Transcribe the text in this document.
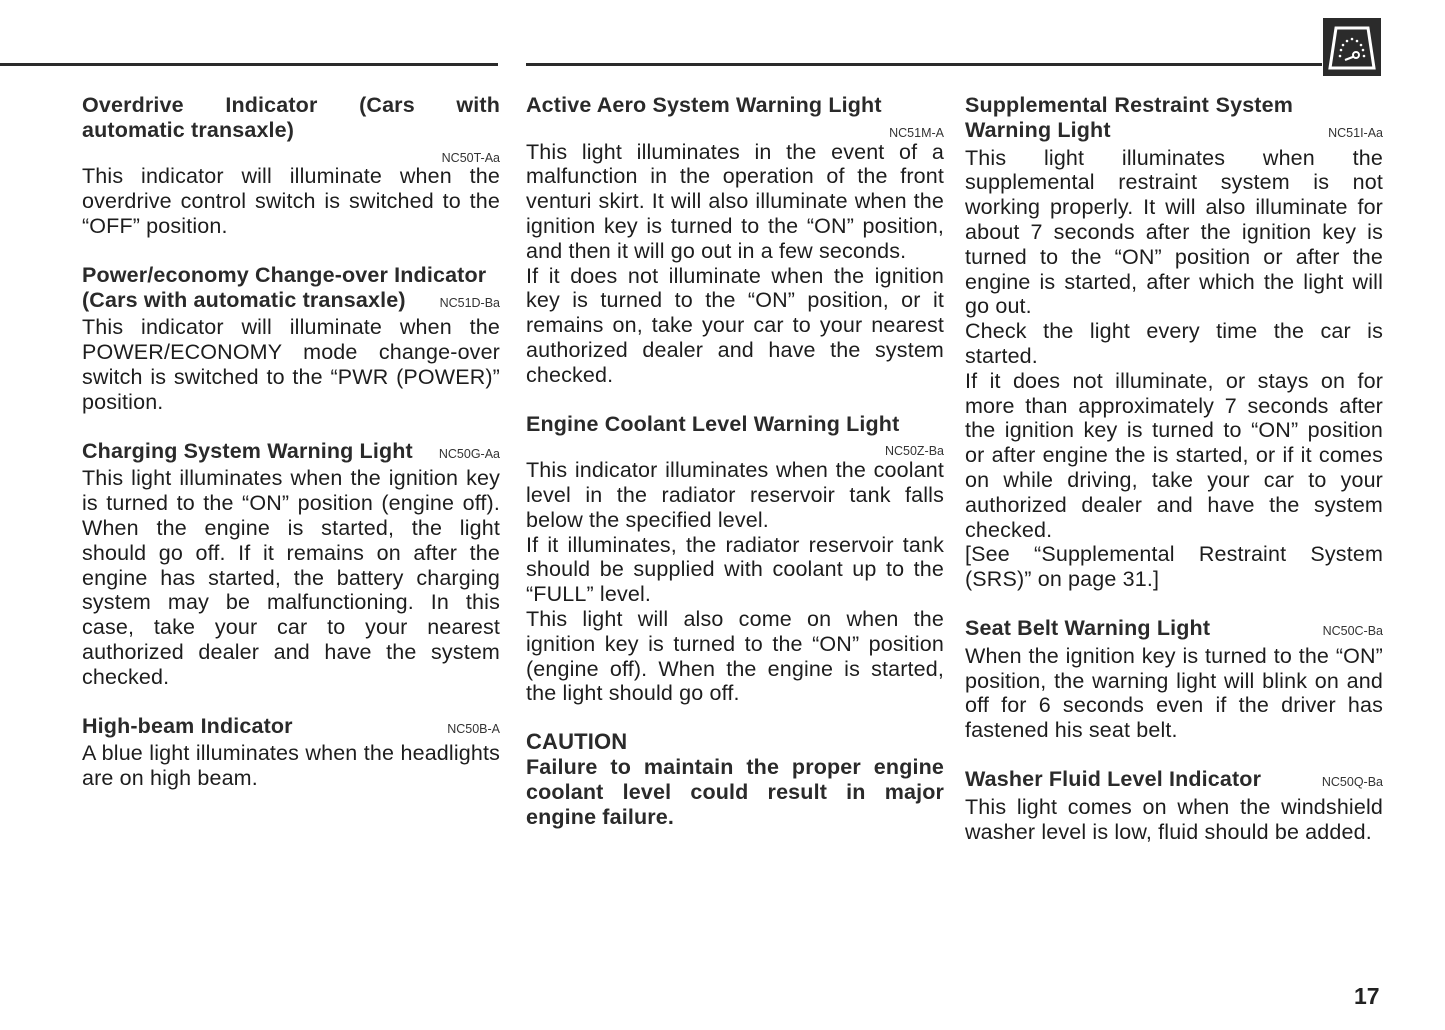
Overdrive Indicator (Cars with automatic transaxle)
NC50T-Aa

This indicator will illuminate when the overdrive control switch is switched to the “OFF” position.

Power/economy Change-over Indicator
(Cars with automatic transaxle)	NC51D-Ba

This indicator will illuminate when the POWER/ECONOMY mode change-over switch is switched to the “PWR (POWER)” position.

Charging System Warning Light NC50G-Aa

This light illuminates when the ignition key is turned to the “ON” position (engine off). When the engine is started, the light should go off. If it remains on after the engine has started, the battery charging system may be malfunctioning. In this case, take your car to your nearest authorized dealer and have the system checked.

High-beam Indicator	NC50B-A

A blue light illuminates when the headlights are on high beam.

Active Aero System Warning Light
NC51M-A

This light illuminates in the event of a malfunction in the operation of the front venturi skirt. It will also illuminate when the ignition key is turned to the “ON” position, and then it will go out in a few seconds.

If it does not illuminate when the ignition key is turned to the “ON” position, or it remains on, take your car to your nearest authorized dealer and have the system checked.

Engine Coolant Level Warning Light
NC50Z-Ba

This indicator illuminates when the coolant level in the radiator reservoir tank falls below the specified level.

If it illuminates, the radiator reservoir tank should be supplied with coolant up to the “FULL” level.

This light will also come on when the ignition key is turned to the “ON” position (engine off). When the engine is started, the light should go off.

CAUTION
Failure to maintain the proper engine coolant level could result in major engine failure.
Supplemental Restraint System Warning Light	NC51I-Aa

This light illuminates when the supplemental restraint system is not working properly. It will also illuminate for about 7 seconds after the ignition key is turned to the “ON” position or after the engine is started, after which the light will go out.

Check the light every time the car is started.

If it does not illuminate, or stays on for more than approximately 7 seconds after the ignition key is turned to “ON” position or after engine the is started, or if it comes on while driving, take your car to your authorized dealer and have the system checked.

[See “Supplemental Restraint System (SRS)” on page 31.]

Seat Belt Warning Light	NC50C-Ba

When the ignition key is turned to the “ON” position, the warning light will blink on and off for 6 seconds even if the driver has fastened his seat belt.

Washer Fluid Level Indicator	NC50Q-Ba

This light comes on when the windshield washer level is low, fluid should be added.

17
